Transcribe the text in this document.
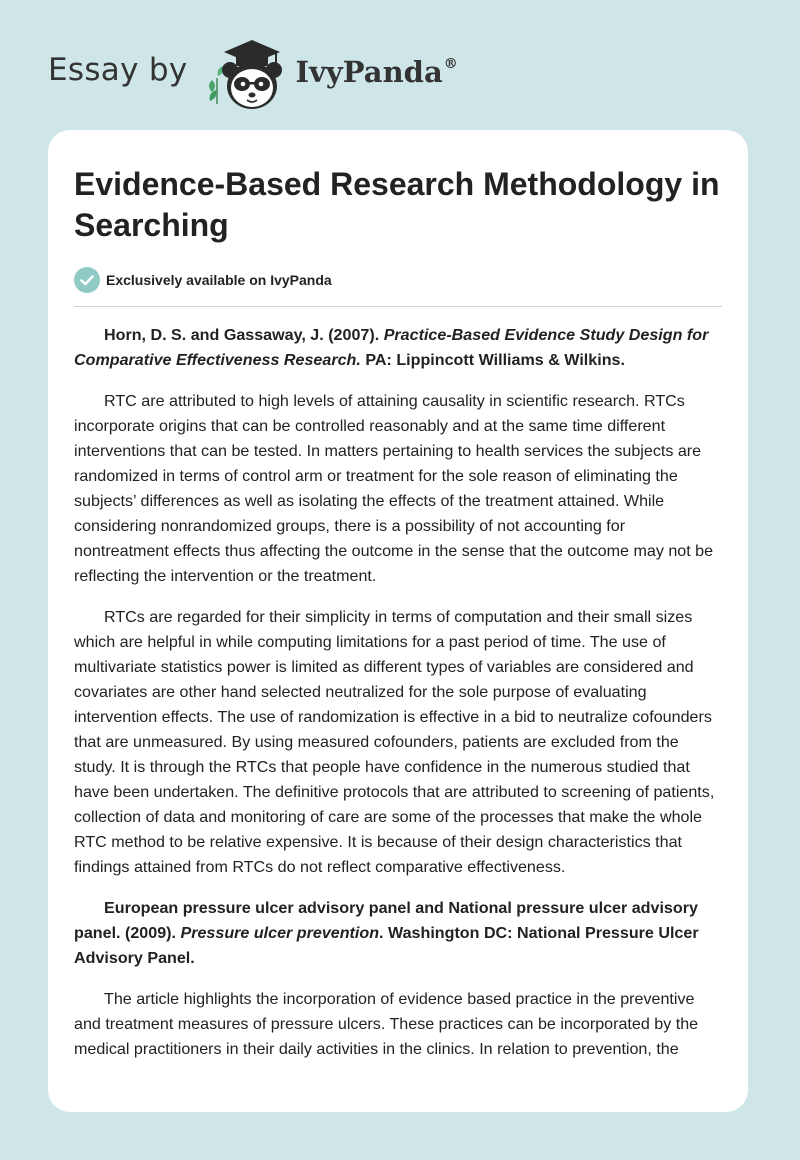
Essay by	IvyPanda®
Evidence-Based Research Methodology in Searching
Exclusively available on IvyPanda

Horn, D. S. and Gassaway, J. (2007). Practice-Based Evidence Study Design for Comparative Effectiveness Research. PA: Lippincott Williams & Wilkins.

RTC are attributed to high levels of attaining causality in scientific research. RTCs incorporate origins that can be controlled reasonably and at the same time different interventions that can be tested. In matters pertaining to health services the subjects are randomized in terms of control arm or treatment for the sole reason of eliminating the subjects’ differences as well as isolating the effects of the treatment attained. While considering nonrandomized groups, there is a possibility of not accounting for nontreatment effects thus affecting the outcome in the sense that the outcome may not be reflecting the intervention or the treatment.

RTCs are regarded for their simplicity in terms of computation and their small sizes which are helpful in while computing limitations for a past period of time. The use of multivariate statistics power is limited as different types of variables are considered and covariates are other hand selected neutralized for the sole purpose of evaluating intervention effects. The use of randomization is effective in a bid to neutralize cofounders that are unmeasured. By using measured cofounders, patients are excluded from the study. It is through the RTCs that people have confidence in the numerous studied that have been undertaken. The definitive protocols that are attributed to screening of patients, collection of data and monitoring of care are some of the processes that make the whole RTC method to be relative expensive. It is because of their design characteristics that findings attained from RTCs do not reflect comparative effectiveness.

European pressure ulcer advisory panel and National pressure ulcer advisory panel. (2009). Pressure ulcer prevention. Washington DC: National Pressure Ulcer Advisory Panel.

The article highlights the incorporation of evidence based practice in the preventive and treatment measures of pressure ulcers. These practices can be incorporated by the medical practitioners in their daily activities in the clinics. In relation to prevention, the
